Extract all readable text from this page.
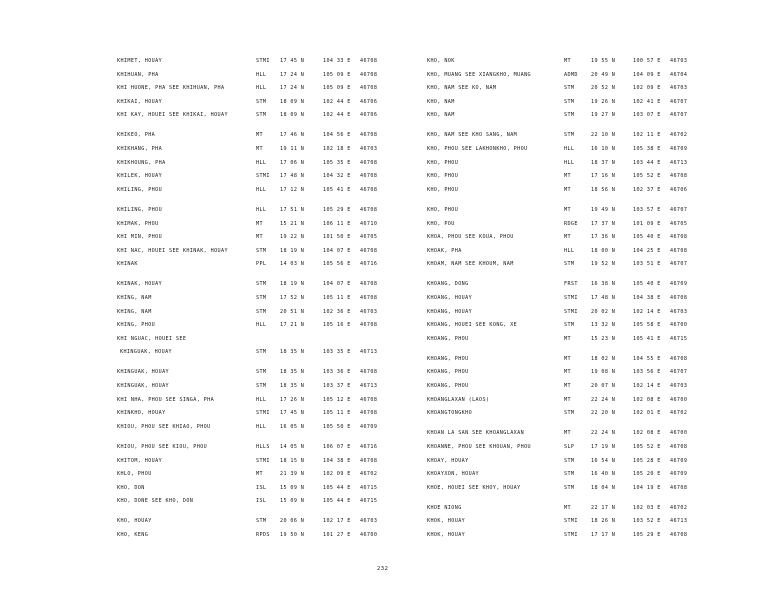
KHIMET, HOUAY	STMI 17 45 N	104 33 E 46708
KHIHUAN, PHA	HLL	17 24 N	105 09 E 46708
KHI HUONE, PHA SEE KHIHUAN, PHA	HLL	17 24 N	105 09 E 46708
KHIKAI, HOUAY	STM	18 09 N	102 44 E 46706
KHI KAY, HOUEI SEE KHIKAI, HOUAY	STM	18 09 N	102 44 E 46706
KHIKEO, PHA	MT	17 46 N	104 56 E 46708
KHIKHANG, PHA	MT	19 11 N	102 18 E 46703
KHIKHOUNG, PHA	HLL	17 06 N	105 35 E 46708
KHILEK, HOUAY	STMI 17 48 N	104 32 E 46708
KHILING, PHOU	HLL	17 12 N	105 41 E 46708
KHILING, PHOU	HLL	17 51 N	105 29 E 46708
KHIMAK, PHOU	MT	15 21 N	106 11 E 46710
KHI MIN, PHOU	MT	19 22 N	101 50 E 46705
KHI NAC, HOUEI SEE KHINAK, HOUAY	STM	18 19 N	104 07 E 46708
KHINAK	PPL	14 03 N	105 56 E 46716
KHINAK, HOUAY	STM	18 19 N	104 07 E 46708
KHING, NAM	STM	17 52 N	105 11 E 46708
KHING, NAM	STM	20 51 N	102 36 E 46703
KHING, PHOU	HLL	17 21 N	105 16 E 46708
KHI NGUAC, HOUEI SEE
KHINGUAK, HOUAY	STM	18 35 N	103 35 E 46713
KHINGUAK, HOUAY	STM	18 35 N	103 36 E 46708
KHINGUAK, HOUAY	STM	18 35 N	103 37 E 46713
KHI NHA, PHOU SEE SINGA, PHA	HLL	17 26 N	105 12 E 46708
KHINKHO, HOUAY	STMI 17 45 N	105 11 E 46708
KHIOU, PHOU SEE KHIAO, PHOU	HLL	16 05 N	105 50 E 46709
KHIOU, PHOU SEE KIOU, PHOU	HLLS 14 05 N	106 07 E 46716
KHITOM, HOUAY	STMI 18 15 N	104 38 E 46708
KHLO, PHOU	MT	21 39 N	102 09 E 46702
KHO, DON	ISL	15 09 N	105 44 E 46715
KHO, DONE SEE KHO, DON	ISL	15 09 N	105 44 E 46715
KHO, HOUAY	STM	20 06 N	102 17 E 46703
KHO, KENG	RPDS 19 50 N	101 27 E 46700
KHO, NOK	MT	19 55 N	100 57 E 46703
KHO, MUANG SEE XIANGKHO, MUANG	ADMD	20 49 N	104 09 E 46704
KHO, NAM SEE KO, NAM	STM	20 52 N	102 09 E 46703
KHO, NAM	STM	19 26 N	102 41 E 46707
KHO, NAM	STM	19 27 N	103 07 E 46707
KHO, NAM SEE KHO SANG, NAM	STM	22 10 N	102 11 E 46702
KHO, PHOU SEE LAKHONKHO, PHOU	HLL	16 10 N	105 38 E 46709
KHO, PHOU	HLL	18 37 N	103 44 E 46713
KHO, PHOU	MT	17 16 N	105 52 E 46708
KHO, PHOU	MT	18 56 N	102 37 E 46706
KHO, PHOU	MT	19 49 N	103 57 E 46707
KHO, POU	RDGE	17 37 N	101 09 E 46705
KHOA, PHOU SEE KOUA, PHOU	MT	17 36 N	105 40 E 46708
KHOAK, PHA	HLL	18 00 N	104 25 E 46708
KHOAM, NAM SEE KHOUM, NAM	STM	19 52 N	103 51 E 46707
KHOANG, DONG	FRST	16 38 N	105 40 E 46709
KHOANG, HOUAY	STMI	17 48 N	104 38 E 46708
KHOANG, HOUAY	STMI	20 02 N	102 14 E 46703
KHOANG, HOUEI SEE KONG, XE	STM	13 32 N	105 58 E 46700
KHOANG, PHOU	MT	15 23 N	105 41 E 46715
KHOANG, PHOU	MT	18 02 N	104 55 E 46708
KHOANG, PHOU	MT	19 08 N	103 56 E 46707
KHOANG, PHOU	MT	20 07 N	102 14 E 46703
KHOANGLAXAN (LAOS)	MT	22 24 N	102 08 E 46700
KHOANGTONGKHO	STM	22 20 N	102 01 E 46702
KHOAN LA SAN SEE KHOANGLAXAN	MT	22 24 N	102 08 E 46700
KHOANNE, PHOU SEE KHOUAN, PHOU	SLP	17 19 N	105 52 E 46708
KHOAY, HOUAY	STM	16 54 N	105 28 E 46709
KHOAYXON, HOUAY	STM	16 40 N	105 20 E 46709
KHOE, HOUEI SEE KHOY, HOUAY	STM	18 04 N	104 19 E 46708
KHOE NIONG	MT	22 17 N	102 03 E 46702
KHOK, HOUAY	STMI	18 26 N	103 52 E 46713
KHOK, HOUAY	STMI	17 17 N	105 29 E 46708
232
